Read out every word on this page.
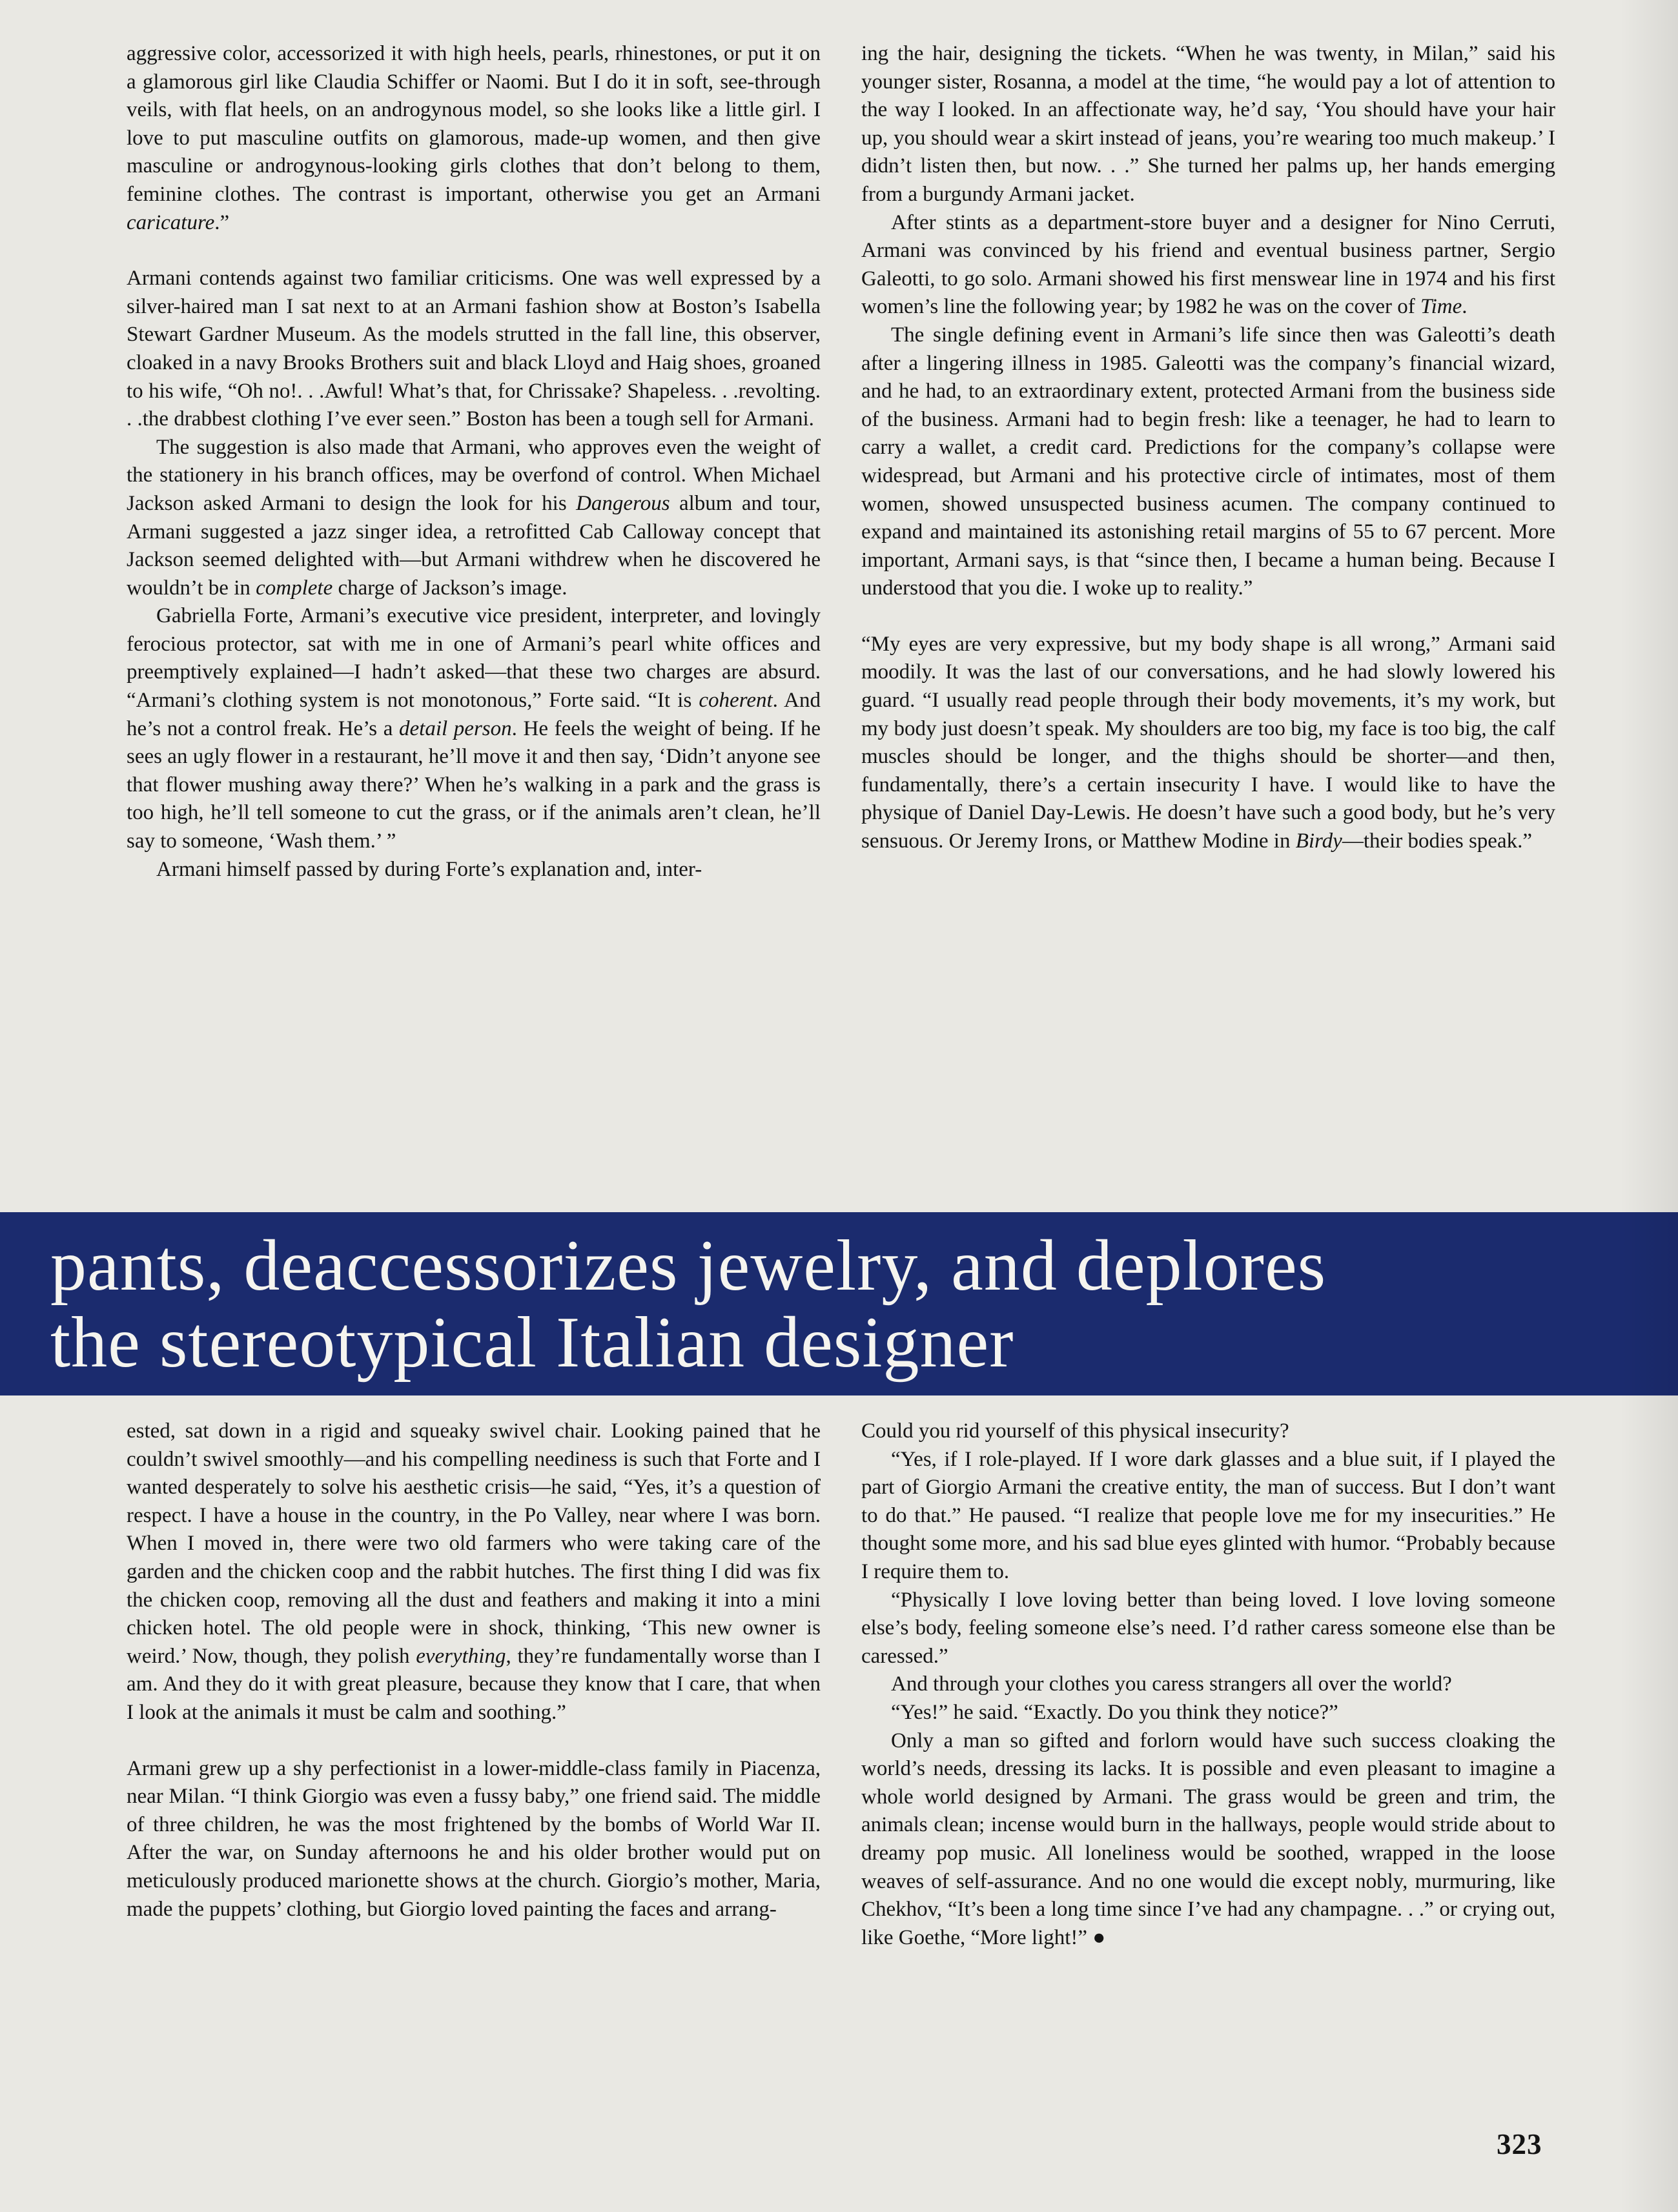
aggressive color, accessorized it with high heels, pearls, rhinestones, or put it on a glamorous girl like Claudia Schiffer or Naomi. But I do it in soft, see-through veils, with flat heels, on an androgynous model, so she looks like a little girl. I love to put masculine outfits on glamorous, made-up women, and then give masculine or androgynous-looking girls clothes that don’t belong to them, feminine clothes. The contrast is important, otherwise you get an Armani caricature.”

Armani contends against two familiar criticisms. One was well expressed by a silver-haired man I sat next to at an Armani fashion show at Boston’s Isabella Stewart Gardner Museum. As the models strutted in the fall line, this observer, cloaked in a navy Brooks Brothers suit and black Lloyd and Haig shoes, groaned to his wife, “Oh no!. . .Awful! What’s that, for Chrissake? Shapeless. . .revolting. . .the drabbest clothing I’ve ever seen.” Boston has been a tough sell for Armani.

The suggestion is also made that Armani, who approves even the weight of the stationery in his branch offices, may be overfond of control. When Michael Jackson asked Armani to design the look for his Dangerous album and tour, Armani suggested a jazz singer idea, a retrofitted Cab Calloway concept that Jackson seemed delighted with—but Armani withdrew when he discovered he wouldn’t be in complete charge of Jackson’s image.

Gabriella Forte, Armani’s executive vice president, interpreter, and lovingly ferocious protector, sat with me in one of Armani’s pearl white offices and preemptively explained—I hadn’t asked—that these two charges are absurd. “Armani’s clothing system is not monotonous,” Forte said. “It is coherent. And he’s not a control freak. He’s a detail person. He feels the weight of being. If he sees an ugly flower in a restaurant, he’ll move it and then say, ‘Didn’t anyone see that flower mushing away there?’ When he’s walking in a park and the grass is too high, he’ll tell someone to cut the grass, or if the animals aren’t clean, he’ll say to someone, ‘Wash them.’ ”

Armani himself passed by during Forte’s explanation and, inter-

ing the hair, designing the tickets. “When he was twenty, in Milan,” said his younger sister, Rosanna, a model at the time, “he would pay a lot of attention to the way I looked. In an affectionate way, he’d say, ‘You should have your hair up, you should wear a skirt instead of jeans, you’re wearing too much makeup.’ I didn’t listen then, but now. . .” She turned her palms up, her hands emerging from a burgundy Armani jacket.

After stints as a department-store buyer and a designer for Nino Cerruti, Armani was convinced by his friend and eventual business partner, Sergio Galeotti, to go solo. Armani showed his first menswear line in 1974 and his first women’s line the following year; by 1982 he was on the cover of Time.

The single defining event in Armani’s life since then was Galeotti’s death after a lingering illness in 1985. Galeotti was the company’s financial wizard, and he had, to an extraordinary extent, protected Armani from the business side of the business. Armani had to begin fresh: like a teenager, he had to learn to carry a wallet, a credit card. Predictions for the company’s collapse were widespread, but Armani and his protective circle of intimates, most of them women, showed unsuspected business acumen. The company continued to expand and maintained its astonishing retail margins of 55 to 67 percent. More important, Armani says, is that “since then, I became a human being. Because I understood that you die. I woke up to reality.”

“My eyes are very expressive, but my body shape is all wrong,” Armani said moodily. It was the last of our conversations, and he had slowly lowered his guard. “I usually read people through their body movements, it’s my work, but my body just doesn’t speak. My shoulders are too big, my face is too big, the calf muscles should be longer, and the thighs should be shorter—and then, fundamentally, there’s a certain insecurity I have. I would like to have the physique of Daniel Day-Lewis. He doesn’t have such a good body, but he’s very sensuous. Or Jeremy Irons, or Matthew Modine in Birdy—their bodies speak.”

pants, deaccessorizes jewelry, and deplores
the stereotypical Italian designer

ested, sat down in a rigid and squeaky swivel chair. Looking pained that he couldn’t swivel smoothly—and his compelling neediness is such that Forte and I wanted desperately to solve his aesthetic crisis—he said, “Yes, it’s a question of respect. I have a house in the country, in the Po Valley, near where I was born. When I moved in, there were two old farmers who were taking care of the garden and the chicken coop and the rabbit hutches. The first thing I did was fix the chicken coop, removing all the dust and feathers and making it into a mini chicken hotel. The old people were in shock, thinking, ‘This new owner is weird.’ Now, though, they polish everything, they’re fundamentally worse than I am. And they do it with great pleasure, because they know that I care, that when I look at the animals it must be calm and soothing.”

Armani grew up a shy perfectionist in a lower-middle-class family in Piacenza, near Milan. “I think Giorgio was even a fussy baby,” one friend said. The middle of three children, he was the most frightened by the bombs of World War II. After the war, on Sunday afternoons he and his older brother would put on meticulously produced marionette shows at the church. Giorgio’s mother, Maria, made the puppets’ clothing, but Giorgio loved painting the faces and arrang-

Could you rid yourself of this physical insecurity?

“Yes, if I role-played. If I wore dark glasses and a blue suit, if I played the part of Giorgio Armani the creative entity, the man of success. But I don’t want to do that.” He paused. “I realize that people love me for my insecurities.” He thought some more, and his sad blue eyes glinted with humor. “Probably because I require them to.

“Physically I love loving better than being loved. I love loving someone else’s body, feeling someone else’s need. I’d rather caress someone else than be caressed.”

And through your clothes you caress strangers all over the world?

“Yes!” he said. “Exactly. Do you think they notice?”

Only a man so gifted and forlorn would have such success cloaking the world’s needs, dressing its lacks. It is possible and even pleasant to imagine a whole world designed by Armani. The grass would be green and trim, the animals clean; incense would burn in the hallways, people would stride about to dreamy pop music. All loneliness would be soothed, wrapped in the loose weaves of self-assurance. And no one would die except nobly, murmuring, like Chekhov, “It’s been a long time since I’ve had any champagne. . .” or crying out, like Goethe, “More light!” ●

323
